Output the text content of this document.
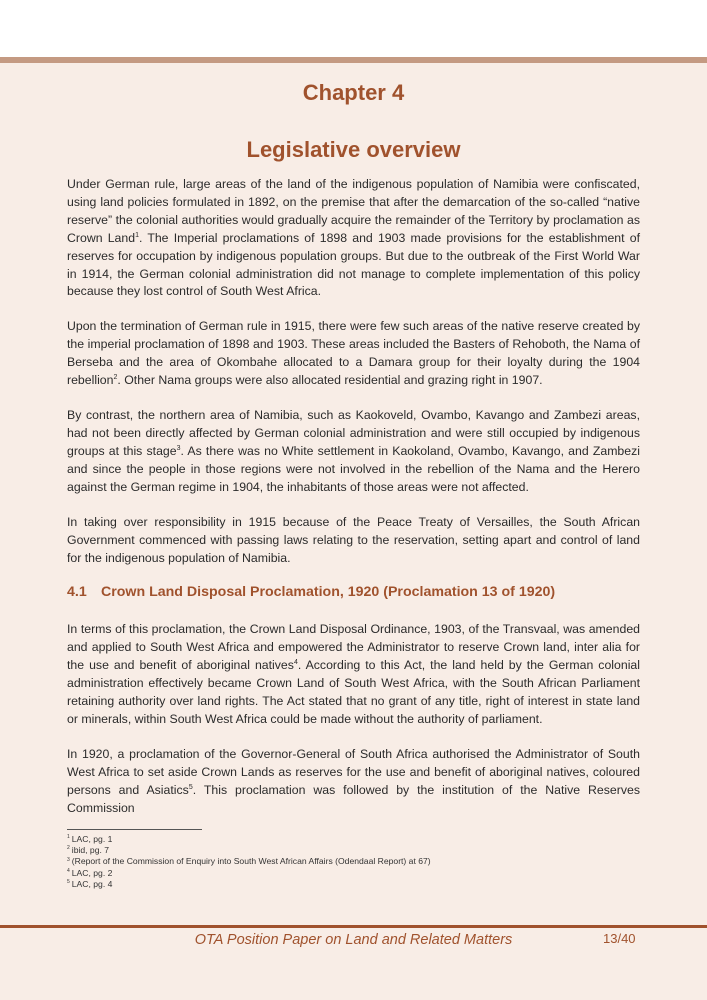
Chapter 4
Legislative overview

Under German rule, large areas of the land of the indigenous population of Namibia were confiscated, using land policies formulated in 1892, on the premise that after the demarcation of the so-called “native reserve” the colonial authorities would gradually acquire the remainder of the Territory by proclamation as Crown Land$^1$. The Imperial proclamations of 1898 and 1903 made provisions for the establishment of reserves for occupation by indigenous population groups. But due to the outbreak of the First World War in 1914, the German colonial administration did not manage to complete implementation of this policy because they lost control of South West Africa.

Upon the termination of German rule in 1915, there were few such areas of the native reserve created by the imperial proclamation of 1898 and 1903. These areas included the Basters of Rehoboth, the Nama of Berseba and the area of Okombahe allocated to a Damara group for their loyalty during the 1904 rebellion$^2$. Other Nama groups were also allocated residential and grazing right in 1907.

By contrast, the northern area of Namibia, such as Kaokoveld, Ovambo, Kavango and Zambezi areas, had not been directly affected by German colonial administration and were still occupied by indigenous groups at this stage$^3$. As there was no White settlement in Kaokoland, Ovambo, Kavango, and Zambezi and since the people in those regions were not involved in the rebellion of the Nama and the Herero against the German regime in 1904, the inhabitants of those areas were not affected.

In taking over responsibility in 1915 because of the Peace Treaty of Versailles, the South African Government commenced with passing laws relating to the reservation, setting apart and control of land for the indigenous population of Namibia.

4.1 Crown Land Disposal Proclamation, 1920 (Proclamation 13 of 1920)

In terms of this proclamation, the Crown Land Disposal Ordinance, 1903, of the Transvaal, was amended and applied to South West Africa and empowered the Administrator to reserve Crown land, inter alia for the use and benefit of aboriginal natives$^4$. According to this Act, the land held by the German colonial administration effectively became Crown Land of South West Africa, with the South African Parliament retaining authority over land rights. The Act stated that no grant of any title, right of interest in state land or minerals, within South West Africa could be made without the authority of parliament.

In 1920, a proclamation of the Governor-General of South Africa authorised the Administrator of South West Africa to set aside Crown Lands as reserves for the use and benefit of aboriginal natives, coloured persons and Asiatics$^5$. This proclamation was followed by the institution of the Native Reserves Commission

$^1$ LAC, pg. 1
$^2$ ibid, pg. 7
$^3$ (Report of the Commission of Enquiry into South West African Affairs (Odendaal Report) at 67)
$^4$ LAC, pg. 2
$^5$ LAC, pg. 4
OTA Position Paper on Land and Related Matters	13/40
